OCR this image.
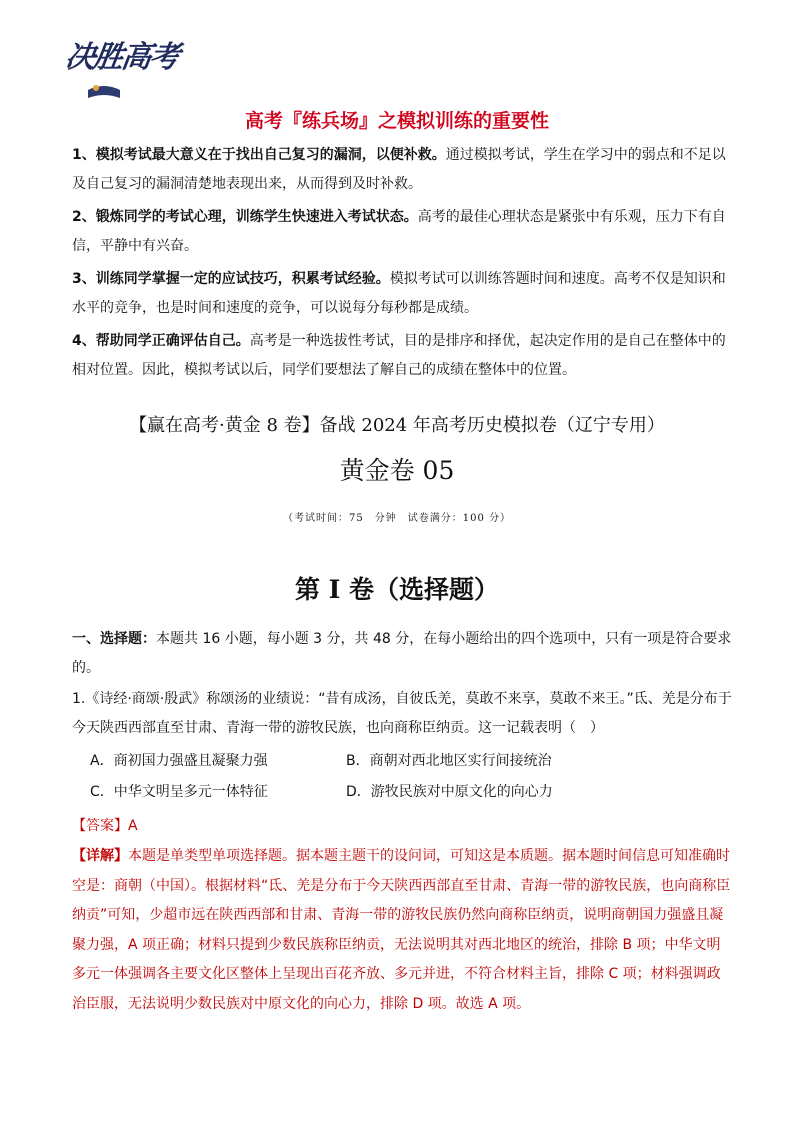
决胜高考
高考『练兵场』之模拟训练的重要性
1、模拟考试最大意义在于找出自己复习的漏洞，以便补救。通过模拟考试，学生在学习中的弱点和不足以及自己复习的漏洞清楚地表现出来，从而得到及时补救。
2、锻炼同学的考试心理，训练学生快速进入考试状态。高考的最佳心理状态是紧张中有乐观，压力下有自信，平静中有兴奋。
3、训练同学掌握一定的应试技巧，积累考试经验。模拟考试可以训练答题时间和速度。高考不仅是知识和水平的竞争，也是时间和速度的竞争，可以说每分每秒都是成绩。
4、帮助同学正确评估自己。高考是一种选拔性考试，目的是排序和择优，起决定作用的是自己在整体中的相对位置。因此，模拟考试以后，同学们要想法了解自己的成绩在整体中的位置。
【赢在高考·黄金 8 卷】备战 2024 年高考历史模拟卷（辽宁专用）
黄金卷 05
（考试时间：75　分钟　试卷满分：100 分）
第 I 卷（选择题）
一、选择题：本题共 16 小题，每小题 3 分，共 48 分，在每小题给出的四个选项中，只有一项是符合要求的。
1.《诗经·商颂·殷武》称颂汤的业绩说：“昔有成汤，自彼氐羌，莫敢不来享，莫敢不来王。”氐、羌是分布于今天陕西西部直至甘肃、青海一带的游牧民族，也向商称臣纳贡。这一记载表明（　）
A．商初国力强盛且凝聚力强	B．商朝对西北地区实行间接统治
C．中华文明呈多元一体特征	D．游牧民族对中原文化的向心力
【答案】A
【详解】本题是单类型单项选择题。据本题主题干的设问词，可知这是本质题。据本题时间信息可知准确时空是：商朝（中国）。根据材料“氐、羌是分布于今天陕西西部直至甘肃、青海一带的游牧民族，也向商称臣纳贡”可知，少超市远在陕西西部和甘肃、青海一带的游牧民族仍然向商称臣纳贡，说明商朝国力强盛且凝聚力强，A 项正确；材料只提到少数民族称臣纳贡，无法说明其对西北地区的统治，排除 B 项；中华文明多元一体强调各主要文化区整体上呈现出百花齐放、多元并进，不符合材料主旨，排除 C 项；材料强调政治臣服，无法说明少数民族对中原文化的向心力，排除 D 项。故选 A 项。
